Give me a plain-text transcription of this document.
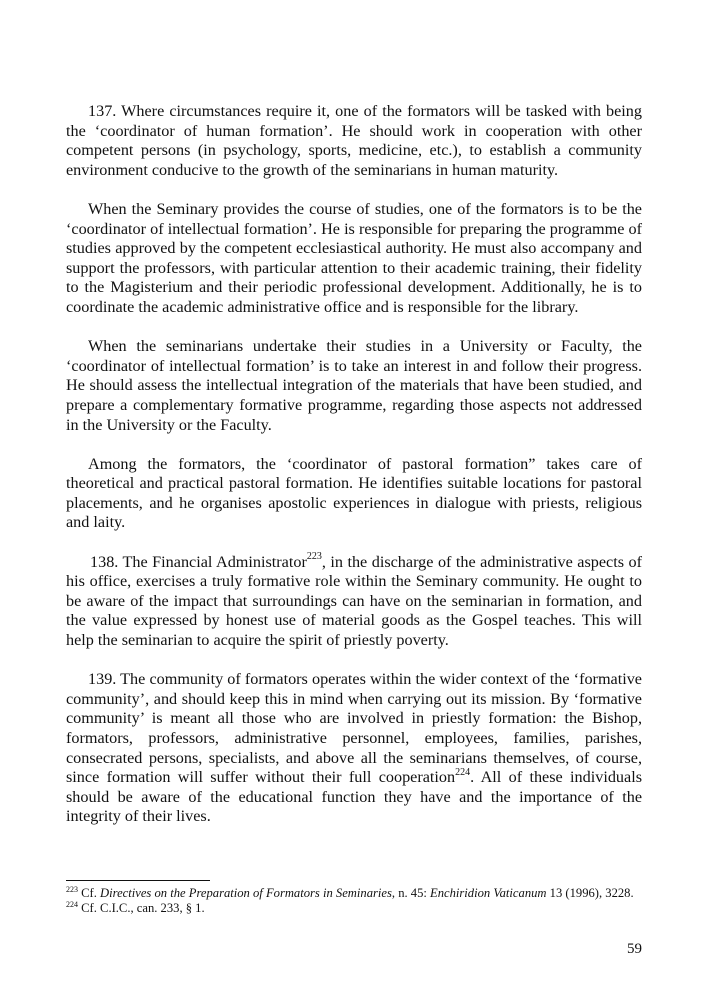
137. Where circumstances require it, one of the formators will be tasked with being the ‘coordinator of human formation’. He should work in cooperation with other competent persons (in psychology, sports, medicine, etc.), to establish a community environment conducive to the growth of the seminarians in human maturity.

When the Seminary provides the course of studies, one of the formators is to be the ‘coordinator of intellectual formation’. He is responsible for preparing the programme of studies approved by the competent ecclesiastical authority. He must also accompany and support the professors, with particular attention to their academic training, their fidelity to the Magisterium and their periodic professional development. Additionally, he is to coordinate the academic administrative office and is responsible for the library.

When the seminarians undertake their studies in a University or Faculty, the ‘coordinator of intellectual formation’ is to take an interest in and follow their progress. He should assess the intellectual integration of the materials that have been studied, and prepare a complementary formative programme, regarding those aspects not addressed in the University or the Faculty.

Among the formators, the ‘coordinator of pastoral formation” takes care of theoretical and practical pastoral formation. He identifies suitable locations for pastoral placements, and he organises apostolic experiences in dialogue with priests, religious and laity.

138. The Financial Administrator$^{223}$, in the discharge of the administrative aspects of his office, exercises a truly formative role within the Seminary community. He ought to be aware of the impact that surroundings can have on the seminarian in formation, and the value expressed by honest use of material goods as the Gospel teaches. This will help the seminarian to acquire the spirit of priestly poverty.

139. The community of formators operates within the wider context of the ‘formative community’, and should keep this in mind when carrying out its mission. By ‘formative community’ is meant all those who are involved in priestly formation: the Bishop, formators, professors, administrative personnel, employees, families, parishes, consecrated persons, specialists, and above all the seminarians themselves, of course, since formation will suffer without their full cooperation$^{224}$. All of these individuals should be aware of the educational function they have and the importance of the integrity of their lives.

$^{223}$ Cf. Directives on the Preparation of Formators in Seminaries, n. 45: Enchiridion Vaticanum 13 (1996), 3228.

$^{224}$ Cf. C.I.C., can. 233, § 1.

59
